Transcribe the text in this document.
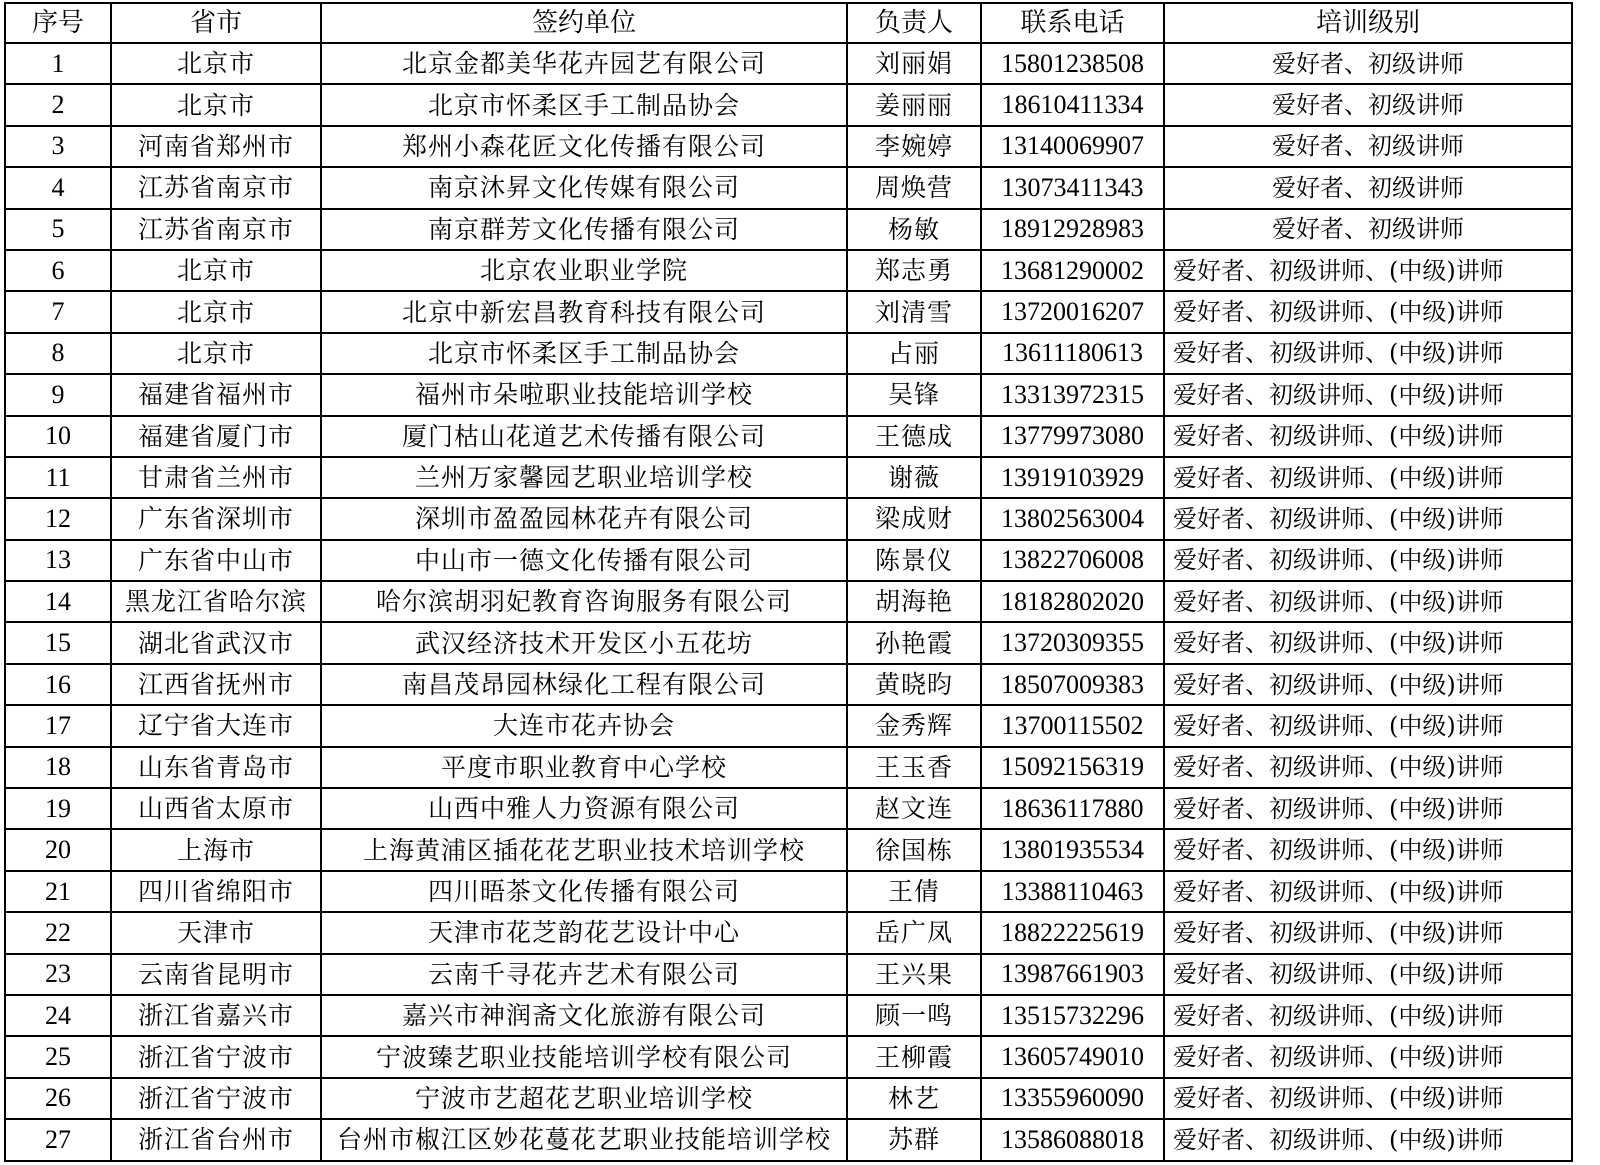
序号	省市	签约单位	负责人	联系电话	培训级别
1	北京市	北京金都美华花卉园艺有限公司	刘丽娟	15801238508	爱好者、初级讲师
2	北京市	北京市怀柔区手工制品协会	姜丽丽	18610411334	爱好者、初级讲师
3	河南省郑州市	郑州小森花匠文化传播有限公司	李婉婷	13140069907	爱好者、初级讲师
4	江苏省南京市	南京沐昇文化传媒有限公司	周焕营	13073411343	爱好者、初级讲师
5	江苏省南京市	南京群芳文化传播有限公司	杨敏	18912928983	爱好者、初级讲师
6	北京市	北京农业职业学院	郑志勇	13681290002	爱好者、初级讲师、(中级)讲师
7	北京市	北京中新宏昌教育科技有限公司	刘清雪	13720016207	爱好者、初级讲师、(中级)讲师
8	北京市	北京市怀柔区手工制品协会	占丽	13611180613	爱好者、初级讲师、(中级)讲师
9	福建省福州市	福州市朵啦职业技能培训学校	吴锋	13313972315	爱好者、初级讲师、(中级)讲师
10	福建省厦门市	厦门枯山花道艺术传播有限公司	王德成	13779973080	爱好者、初级讲师、(中级)讲师
11	甘肃省兰州市	兰州万家馨园艺职业培训学校	谢薇	13919103929	爱好者、初级讲师、(中级)讲师
12	广东省深圳市	深圳市盈盈园林花卉有限公司	梁成财	13802563004	爱好者、初级讲师、(中级)讲师
13	广东省中山市	中山市一德文化传播有限公司	陈景仪	13822706008	爱好者、初级讲师、(中级)讲师
14	黑龙江省哈尔滨	哈尔滨胡羽妃教育咨询服务有限公司	胡海艳	18182802020	爱好者、初级讲师、(中级)讲师
15	湖北省武汉市	武汉经济技术开发区小五花坊	孙艳霞	13720309355	爱好者、初级讲师、(中级)讲师
16	江西省抚州市	南昌茂昂园林绿化工程有限公司	黄晓昀	18507009383	爱好者、初级讲师、(中级)讲师
17	辽宁省大连市	大连市花卉协会	金秀辉	13700115502	爱好者、初级讲师、(中级)讲师
18	山东省青岛市	平度市职业教育中心学校	王玉香	15092156319	爱好者、初级讲师、(中级)讲师
19	山西省太原市	山西中雅人力资源有限公司	赵文连	18636117880	爱好者、初级讲师、(中级)讲师
20	上海市	上海黄浦区插花花艺职业技术培训学校	徐国栋	13801935534	爱好者、初级讲师、(中级)讲师
21	四川省绵阳市	四川晤茶文化传播有限公司	王倩	13388110463	爱好者、初级讲师、(中级)讲师
22	天津市	天津市花芝韵花艺设计中心	岳广凤	18822225619	爱好者、初级讲师、(中级)讲师
23	云南省昆明市	云南千寻花卉艺术有限公司	王兴果	13987661903	爱好者、初级讲师、(中级)讲师
24	浙江省嘉兴市	嘉兴市神润斋文化旅游有限公司	顾一鸣	13515732296	爱好者、初级讲师、(中级)讲师
25	浙江省宁波市	宁波臻艺职业技能培训学校有限公司	王柳霞	13605749010	爱好者、初级讲师、(中级)讲师
26	浙江省宁波市	宁波市艺超花艺职业培训学校	林艺	13355960090	爱好者、初级讲师、(中级)讲师
27	浙江省台州市	台州市椒江区妙花蔓花艺职业技能培训学校	苏群	13586088018	爱好者、初级讲师、(中级)讲师
